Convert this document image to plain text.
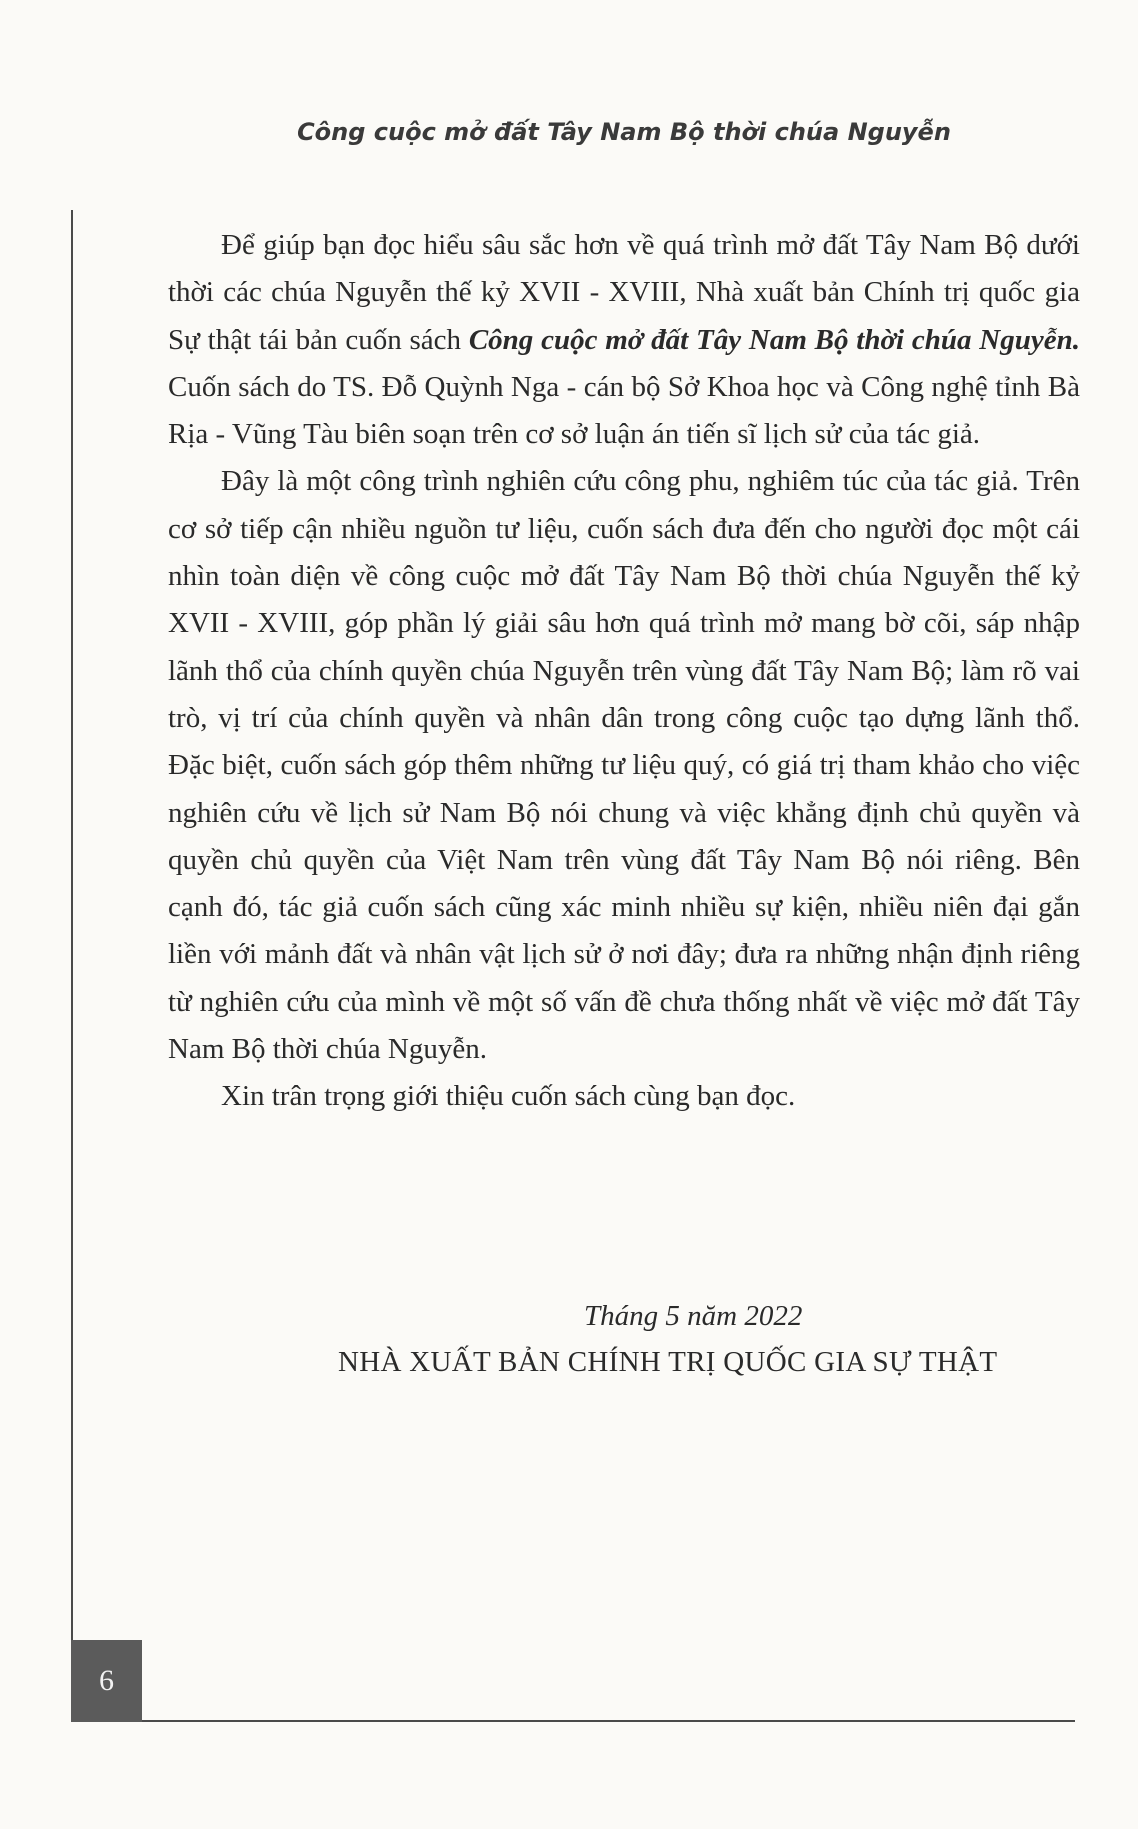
Công cuộc mở đất Tây Nam Bộ thời chúa Nguyễn

Để giúp bạn đọc hiểu sâu sắc hơn về quá trình mở đất Tây Nam Bộ dưới thời các chúa Nguyễn thế kỷ XVII - XVIII, Nhà xuất bản Chính trị quốc gia Sự thật tái bản cuốn sách Công cuộc mở đất Tây Nam Bộ thời chúa Nguyễn. Cuốn sách do TS. Đỗ Quỳnh Nga - cán bộ Sở Khoa học và Công nghệ tỉnh Bà Rịa - Vũng Tàu biên soạn trên cơ sở luận án tiến sĩ lịch sử của tác giả.

Đây là một công trình nghiên cứu công phu, nghiêm túc của tác giả. Trên cơ sở tiếp cận nhiều nguồn tư liệu, cuốn sách đưa đến cho người đọc một cái nhìn toàn diện về công cuộc mở đất Tây Nam Bộ thời chúa Nguyễn thế kỷ XVII - XVIII, góp phần lý giải sâu hơn quá trình mở mang bờ cõi, sáp nhập lãnh thổ của chính quyền chúa Nguyễn trên vùng đất Tây Nam Bộ; làm rõ vai trò, vị trí của chính quyền và nhân dân trong công cuộc tạo dựng lãnh thổ. Đặc biệt, cuốn sách góp thêm những tư liệu quý, có giá trị tham khảo cho việc nghiên cứu về lịch sử Nam Bộ nói chung và việc khẳng định chủ quyền và quyền chủ quyền của Việt Nam trên vùng đất Tây Nam Bộ nói riêng. Bên cạnh đó, tác giả cuốn sách cũng xác minh nhiều sự kiện, nhiều niên đại gắn liền với mảnh đất và nhân vật lịch sử ở nơi đây; đưa ra những nhận định riêng từ nghiên cứu của mình về một số vấn đề chưa thống nhất về việc mở đất Tây Nam Bộ thời chúa Nguyễn.

Xin trân trọng giới thiệu cuốn sách cùng bạn đọc.

Tháng 5 năm 2022
NHÀ XUẤT BẢN CHÍNH TRỊ QUỐC GIA SỰ THẬT
6
